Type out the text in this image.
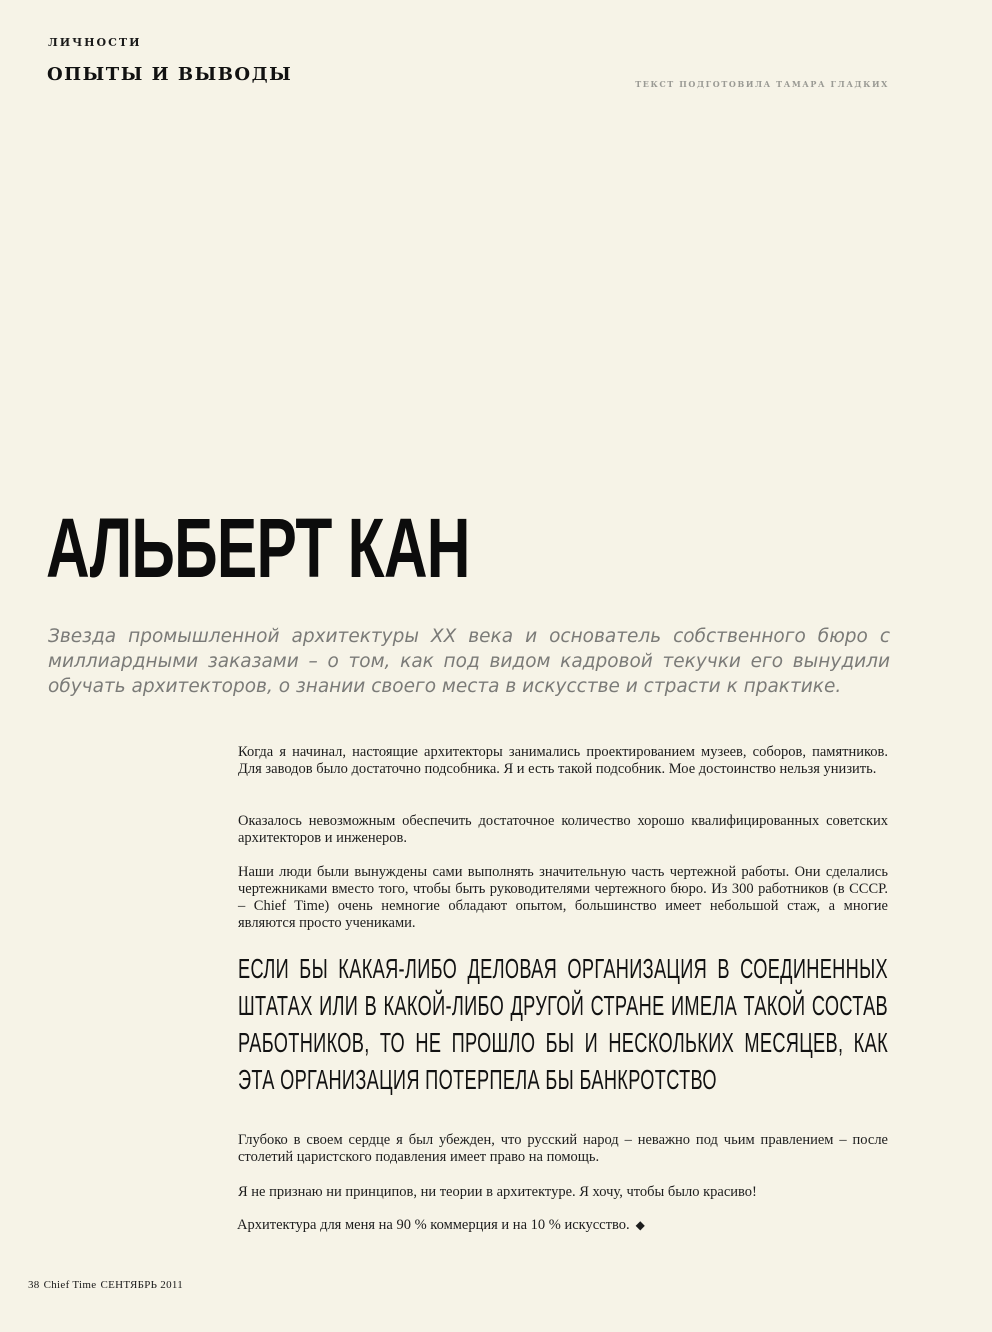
ЛИЧНОСТИ
ОПЫТЫ И ВЫВОДЫ	ТЕКСТ ПОДГОТОВИЛА ТАМАРА ГЛАДКИХ
АЛЬБЕРТ КАН

Звезда промышленной архитектуры XX века и основатель собственного бюро с миллиардными заказами – о том, как под видом кадровой текучки его вынудили обучать архитекторов, о знании своего места в искусстве и страсти к практике.

Когда я начинал, настоящие архитекторы занимались проектированием музеев, соборов, памятников. Для заводов было достаточно подсобника. Я и есть такой подсобник. Мое достоинство нельзя унизить.

Оказалось невозможным обеспечить достаточное количество хорошо квалифицированных советских архитекторов и инженеров.

Наши люди были вынуждены сами выполнять значительную часть чертежной работы. Они сделались чертежниками вместо того, чтобы быть руководителями чертежного бюро. Из 300 работников (в СССР. – Chief Time) очень немногие обладают опытом, большинство имеет небольшой стаж, а многие являются просто учениками.

ЕСЛИ БЫ КАКАЯ-ЛИБО ДЕЛОВАЯ ОРГАНИЗАЦИЯ В СОЕДИНЕННЫХ ШТАТАХ ИЛИ В КАКОЙ-ЛИБО ДРУГОЙ СТРАНЕ ИМЕЛА ТАКОЙ СОСТАВ РАБОТНИКОВ, ТО НЕ ПРОШЛО БЫ И НЕСКОЛЬКИХ МЕСЯЦЕВ, КАК ЭТА ОРГАНИЗАЦИЯ ПОТЕРПЕЛА БЫ БАНКРОТСТВО

Глубоко в своем сердце я был убежден, что русский народ – неважно под чьим правлением – после столетий царистского подавления имеет право на помощь.

Я не признаю ни принципов, ни теории в архитектуре. Я хочу, чтобы было красиво!

Архитектура для меня на 90 % коммерция и на 10 % искусство. ◆

38 Chief Time СЕНТЯБРЬ 2011
